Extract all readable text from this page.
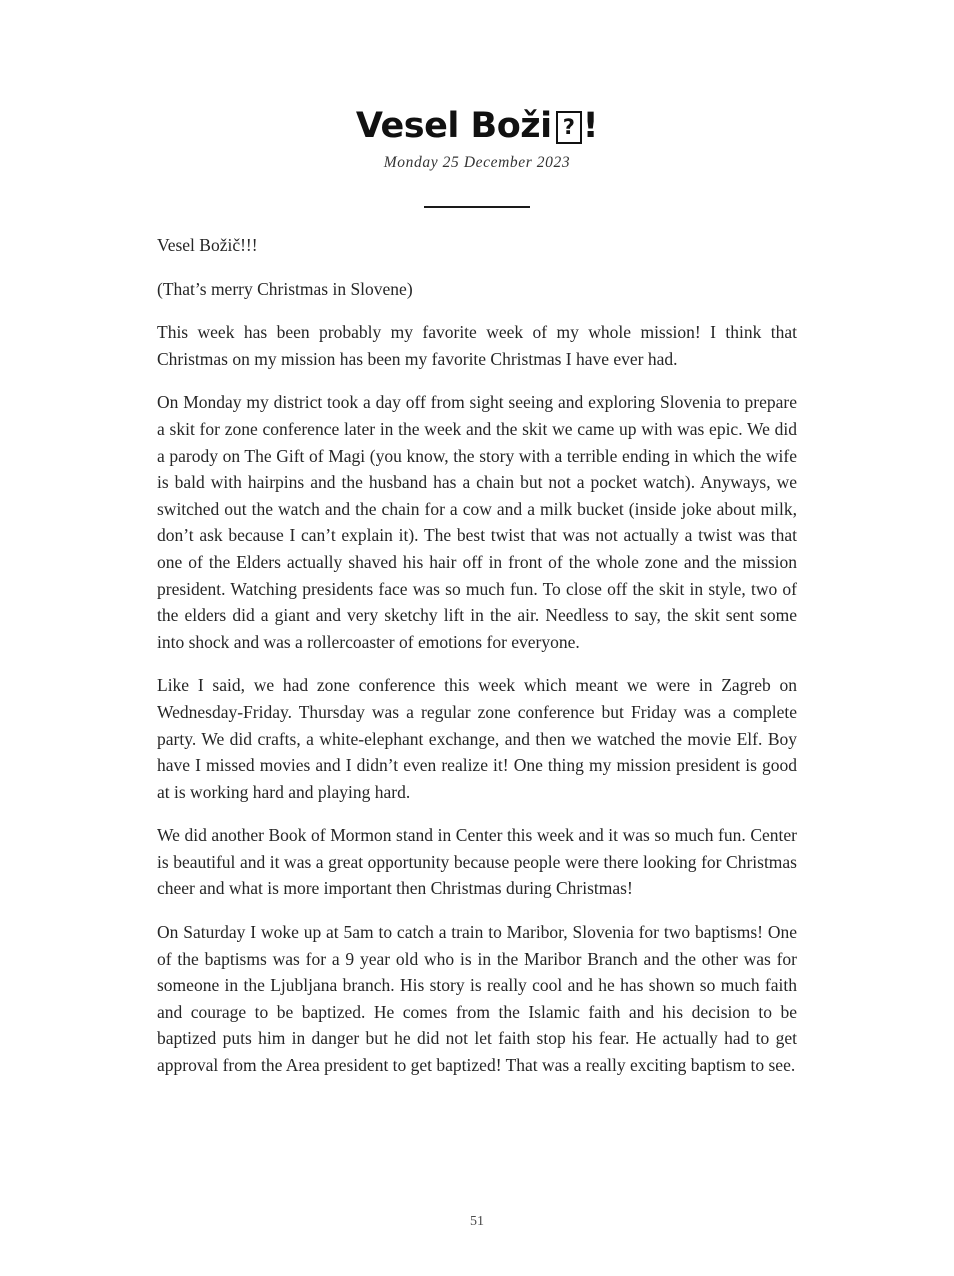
Vesel Boži ? !
Monday 25 December 2023

Vesel Božič!!!

(That’s merry Christmas in Slovene)

This week has been probably my favorite week of my whole mission! I think that Christmas on my mission has been my favorite Christmas I have ever had.

On Monday my district took a day off from sight seeing and exploring Slovenia to prepare a skit for zone conference later in the week and the skit we came up with was epic. We did a parody on The Gift of Magi (you know, the story with a terrible ending in which the wife is bald with hairpins and the husband has a chain but not a pocket watch). Anyways, we switched out the watch and the chain for a cow and a milk bucket (inside joke about milk, don’t ask because I can’t explain it). The best twist that was not actually a twist was that one of the Elders actually shaved his hair off in front of the whole zone and the mission president. Watching presidents face was so much fun. To close off the skit in style, two of the elders did a giant and very sketchy lift in the air. Needless to say, the skit sent some into shock and was a rollercoaster of emotions for everyone.

Like I said, we had zone conference this week which meant we were in Zagreb on Wednesday-Friday. Thursday was a regular zone conference but Friday was a complete party. We did crafts, a white-elephant exchange, and then we watched the movie Elf. Boy have I missed movies and I didn’t even realize it! One thing my mission president is good at is working hard and playing hard.

We did another Book of Mormon stand in Center this week and it was so much fun. Center is beautiful and it was a great opportunity because people were there looking for Christmas cheer and what is more important then Christmas during Christmas!

On Saturday I woke up at 5am to catch a train to Maribor, Slovenia for two baptisms! One of the baptisms was for a 9 year old who is in the Maribor Branch and the other was for someone in the Ljubljana branch. His story is really cool and he has shown so much faith and courage to be baptized. He comes from the Islamic faith and his decision to be baptized puts him in danger but he did not let faith stop his fear. He actually had to get approval from the Area president to get baptized! That was a really exciting baptism to see.

51
